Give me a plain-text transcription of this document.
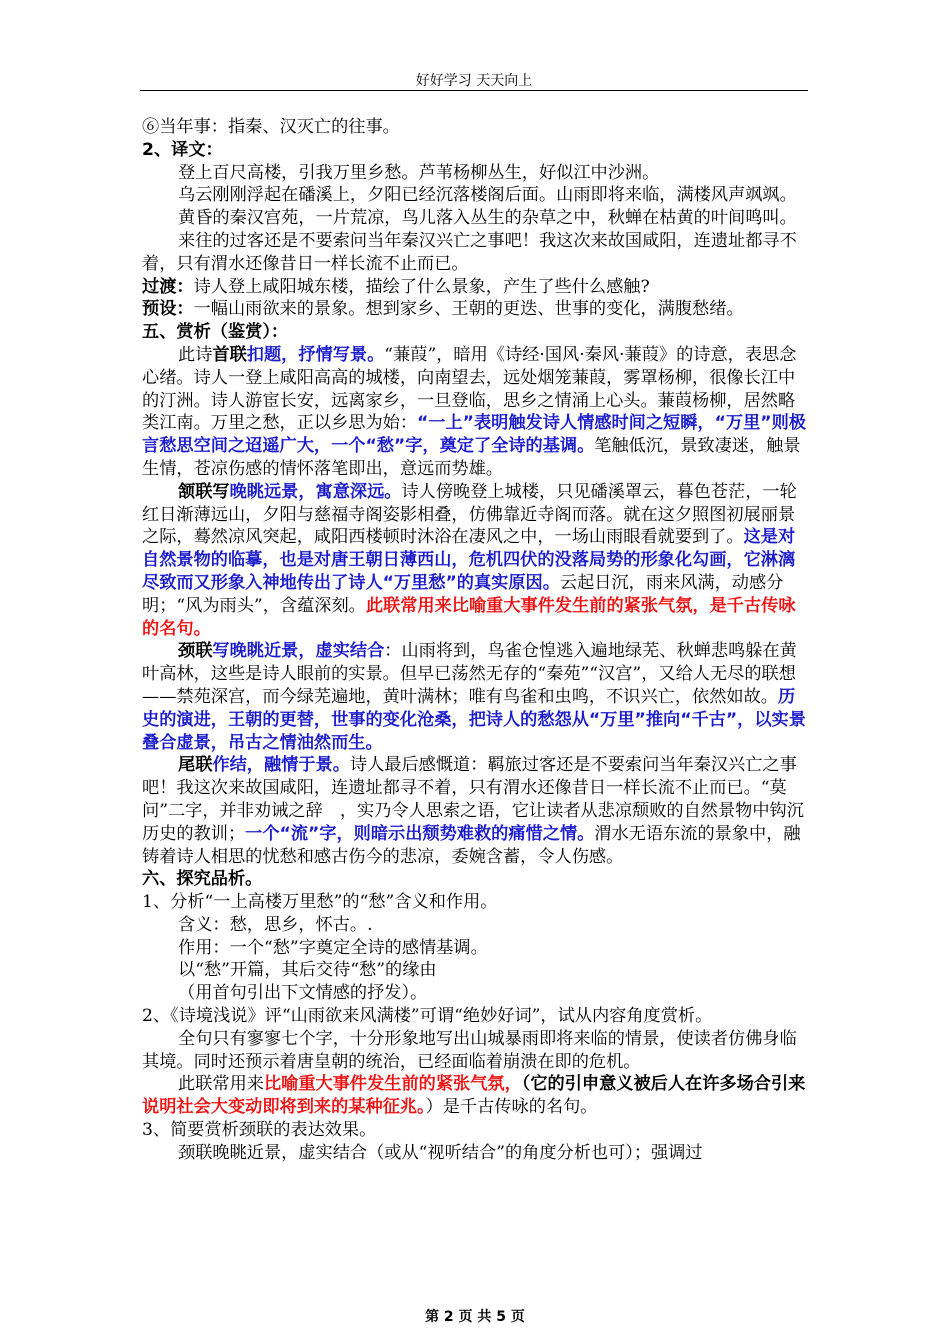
好好学习 天天向上

⑥当年事：指秦、汉灭亡的往事。

2、译文：

登上百尺高楼，引我万里乡愁。芦苇杨柳丛生，好似江中沙洲。

乌云刚刚浮起在磻溪上，夕阳已经沉落楼阁后面。山雨即将来临，满楼风声飒飒。

黄昏的秦汉宫苑，一片荒凉，鸟儿落入丛生的杂草之中，秋蝉在枯黄的叶间鸣叫。

来往的过客还是不要索问当年秦汉兴亡之事吧！我这次来故国咸阳，连遗址都寻不着，只有渭水还像昔日一样长流不止而已。

过渡：诗人登上咸阳城东楼，描绘了什么景象，产生了些什么感触?

预设：一幅山雨欲来的景象。想到家乡、王朝的更迭、世事的变化，满腹愁绪。

五、赏析（鉴赏）：

此诗首联扣题，抒情写景。“蒹葭”，暗用《诗经·国风·秦风·蒹葭》的诗意，表思念心绪。诗人一登上咸阳高高的城楼，向南望去，远处烟笼蒹葭，雾罩杨柳，很像长江中的汀洲。诗人游宦长安，远离家乡，一旦登临，思乡之情涌上心头。蒹葭杨柳，居然略类江南。万里之愁，正以乡思为始：“一上”表明触发诗人情感时间之短瞬，“万里”则极言愁思空间之迢遥广大，一个“愁”字，奠定了全诗的基调。笔触低沉，景致凄迷，触景生情，苍凉伤感的情怀落笔即出，意远而势雄。

颔联写晚眺远景，寓意深远。诗人傍晚登上城楼，只见磻溪罩云，暮色苍茫，一轮红日渐薄远山，夕阳与慈福寺阁姿影相叠，仿佛靠近寺阁而落。就在这夕照图初展丽景之际，蓦然凉风突起，咸阳西楼顿时沐浴在凄风之中，一场山雨眼看就要到了。这是对自然景物的临摹，也是对唐王朝日薄西山，危机四伏的没落局势的形象化勾画，它淋漓尽致而又形象入神地传出了诗人“万里愁”的真实原因。云起日沉，雨来风满，动感分明；“风为雨头”，含蕴深刻。此联常用来比喻重大事件发生前的紧张气氛，是千古传咏的名句。

颈联写晚眺近景，虚实结合：山雨将到，鸟雀仓惶逃入遍地绿芜、秋蝉悲鸣躲在黄叶高林，这些是诗人眼前的实景。但早已荡然无存的“秦苑”“汉宫”，又给人无尽的联想——禁苑深宫，而今绿芜遍地，黄叶满林；唯有鸟雀和虫鸣，不识兴亡，依然如故。历史的演进，王朝的更替，世事的变化沧桑，把诗人的愁怨从“万里”推向“千古”，以实景叠合虚景，吊古之情油然而生。

尾联作结，融情于景。诗人最后感慨道：羁旅过客还是不要索问当年秦汉兴亡之事吧！我这次来故国咸阳，连遗址都寻不着，只有渭水还像昔日一样长流不止而已。“莫问”二字，并非劝诫之辞　，实乃令人思索之语，它让读者从悲凉颓败的自然景物中钩沉历史的教训；一个“流”字，则暗示出颓势难救的痛惜之情。渭水无语东流的景象中，融铸着诗人相思的忧愁和感古伤今的悲凉，委婉含蓄，令人伤感。

六、探究品析。

1、分析“一上高楼万里愁”的“愁”含义和作用。

含义：愁，思乡，怀古。.

作用：一个“愁”字奠定全诗的感情基调。

以“愁”开篇，其后交待“愁”的缘由

（用首句引出下文情感的抒发）。

2、《诗境浅说》评“山雨欲来风满楼”可谓“绝妙好词”，试从内容角度赏析。

全句只有寥寥七个字，十分形象地写出山城暴雨即将来临的情景，使读者仿佛身临其境。同时还预示着唐皇朝的统治，已经面临着崩溃在即的危机。

此联常用来比喻重大事件发生前的紧张气氛，（它的引申意义被后人在许多场合引来说明社会大变动即将到来的某种征兆。）是千古传咏的名句。

3、简要赏析颈联的表达效果。

颈联晚眺近景，虚实结合（或从“视听结合”的角度分析也可）；强调过

第 2 页 共 5 页
